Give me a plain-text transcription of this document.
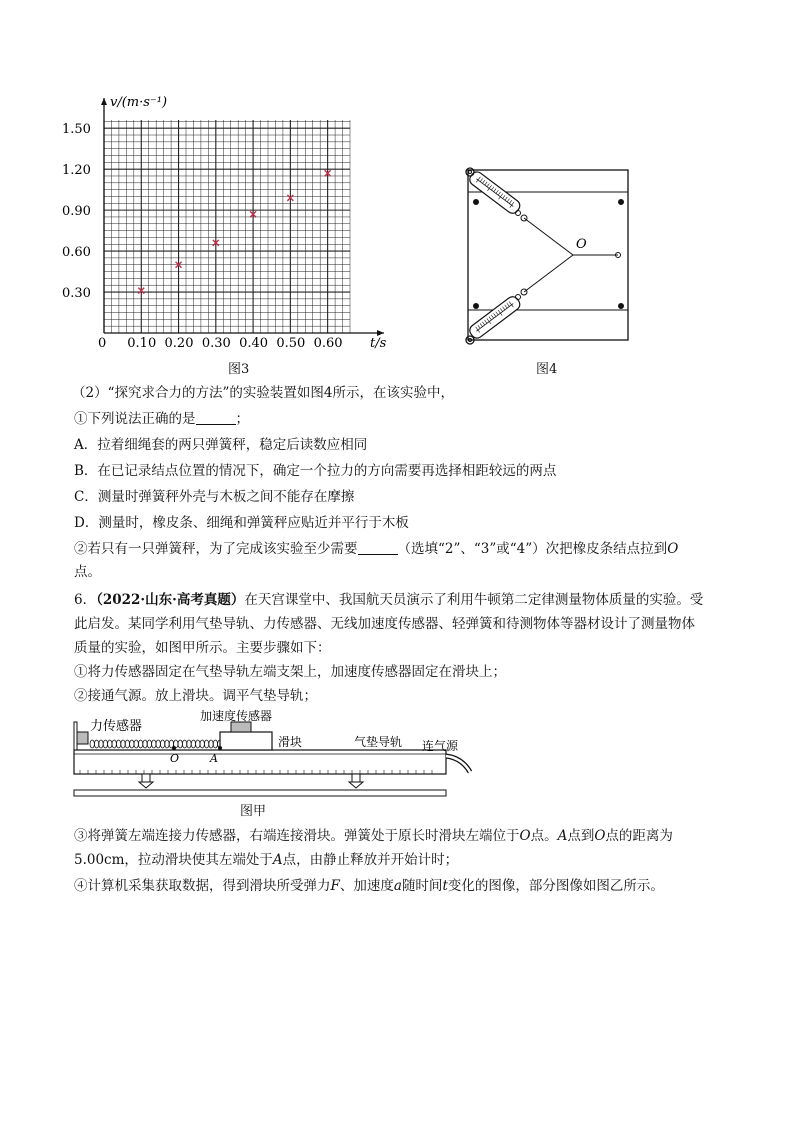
0.10 0.20 0.30 0.40 0.50 0.60
0.30
0.60
0.90
1.20
1.50
v/(m·s⁻¹)
t/s
0
图3
O
图4
（2）“探究求合力的方法”的实验装置如图4所示，在该实验中，
①下列说法正确的是	；
A．拉着细绳套的两只弹簧秤，稳定后读数应相同
B．在已记录结点位置的情况下，确定一个拉力的方向需要再选择相距较远的两点
C．测量时弹簧秤外壳与木板之间不能存在摩擦
D．测量时，橡皮条、细绳和弹簧秤应贴近并平行于木板
②若只有一只弹簧秤，为了完成该实验至少需要	（选填“2”、“3”或“4”）次把橡皮条结点拉到O
点。
6．（2022·山东·高考真题）在天宫课堂中、我国航天员演示了利用牛顿第二定律测量物体质量的实验。受
此启发。某同学利用气垫导轨、力传感器、无线加速度传感器、轻弹簧和待测物体等器材设计了测量物体
质量的实验，如图甲所示。主要步骤如下：
①将力传感器固定在气垫导轨左端支架上，加速度传感器固定在滑块上；
②接通气源。放上滑块。调平气垫导轨；
O	A
力传感器
加速度传感器
滑块	气垫导轨 连气源
图甲
③将弹簧左端连接力传感器，右端连接滑块。弹簧处于原长时滑块左端位于O点。A点到O点的距离为
5.00cm，拉动滑块使其左端处于A点，由静止释放并开始计时；
④计算机采集获取数据，得到滑块所受弹力F、加速度a随时间t变化的图像，部分图像如图乙所示。
